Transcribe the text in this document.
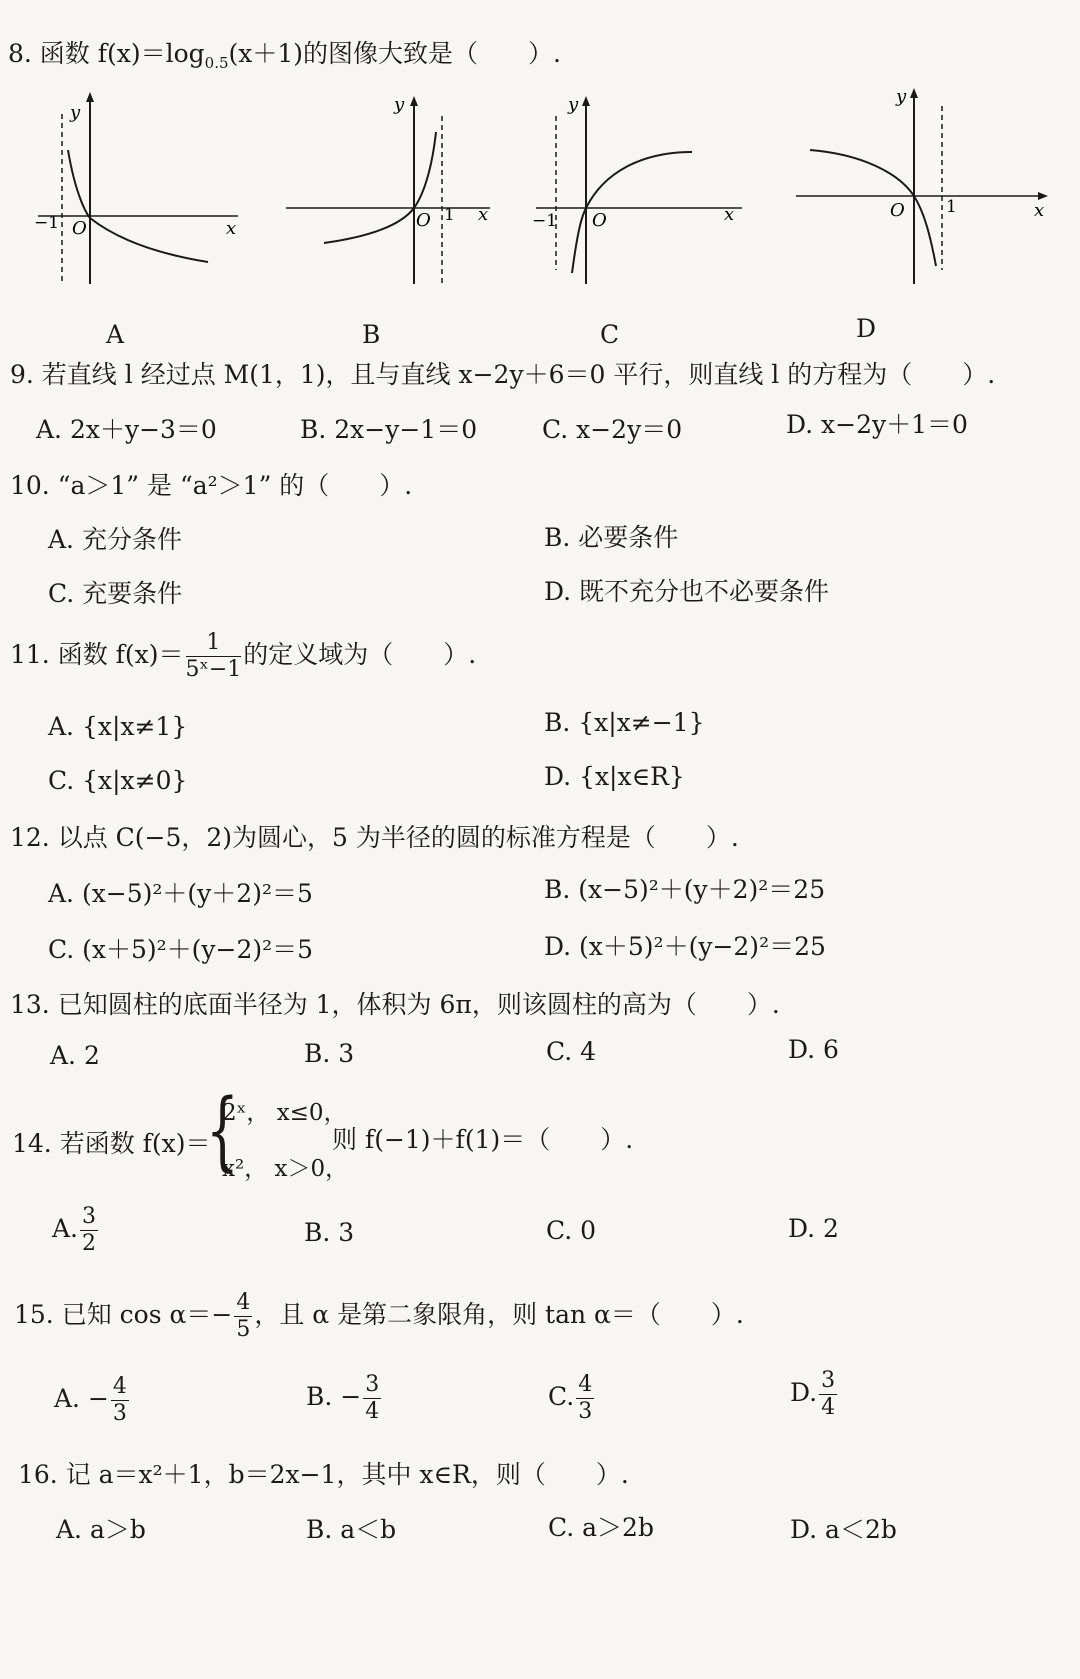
8. 函数 $f(x)=\log_{0.5}(x+1)$的图像大致是（　　）.
y
x
O
−1
A
y
x
O 1
B
y
x
O
−1
C
y
x
O 1
D
9. 若直线 l 经过点 M(1，1)，且与直线 x−2y＋6＝0 平行，则直线 l 的方程为（　　）.
A. 2x＋y−3＝0	B. 2x−y−1＝0	C. x−2y＝0	D. x−2y＋1＝0
10. “a＞1” 是 “a²＞1” 的（　　）.
A. 充分条件	B. 必要条件
C. 充要条件	D. 既不充分也不必要条件
11. 函数 $f(x)= \frac{1}{\text{5ˣ−1}}$ 的定义域为（　　）.
A. {x|x≠1}	B. {x|x≠−1}
C. {x|x≠0}	D. {x|x∈R}
12. 以点 C(−5，2)为圆心，5 为半径的圆的标准方程是（　　）.
A. (x−5)²＋(y＋2)²＝5	B. (x−5)²＋(y＋2)²＝25
C. (x＋5)²＋(y−2)²＝5	D. (x＋5)²＋(y−2)²＝25
13. 已知圆柱的底面半径为 1，体积为 6π，则该圆柱的高为（　　）.
A. 2	B. 3	C. 4	D. 6
14. 若函数 f(x)＝
{
2ˣ， x≤0，
x²， x＞0，
则 f(−1)＋f(1)＝（　　）.
A. $\frac{3}{2}$	B. 3	C. 0	D. 2
15. 已知 $\cos \alpha=- \frac{4}{5}$ ，且 α 是第二象限角，则 tan α＝（　　）.
A. − $\frac{4}{3}$	B. − $\frac{3}{4}$	C. $\frac{4}{3}$	D. $\frac{3}{4}$
16. 记 a＝x²＋1，b＝2x−1，其中 x∈R，则（　　）.
A. a＞b	B. a＜b	C. a＞2b	D. a＜2b
